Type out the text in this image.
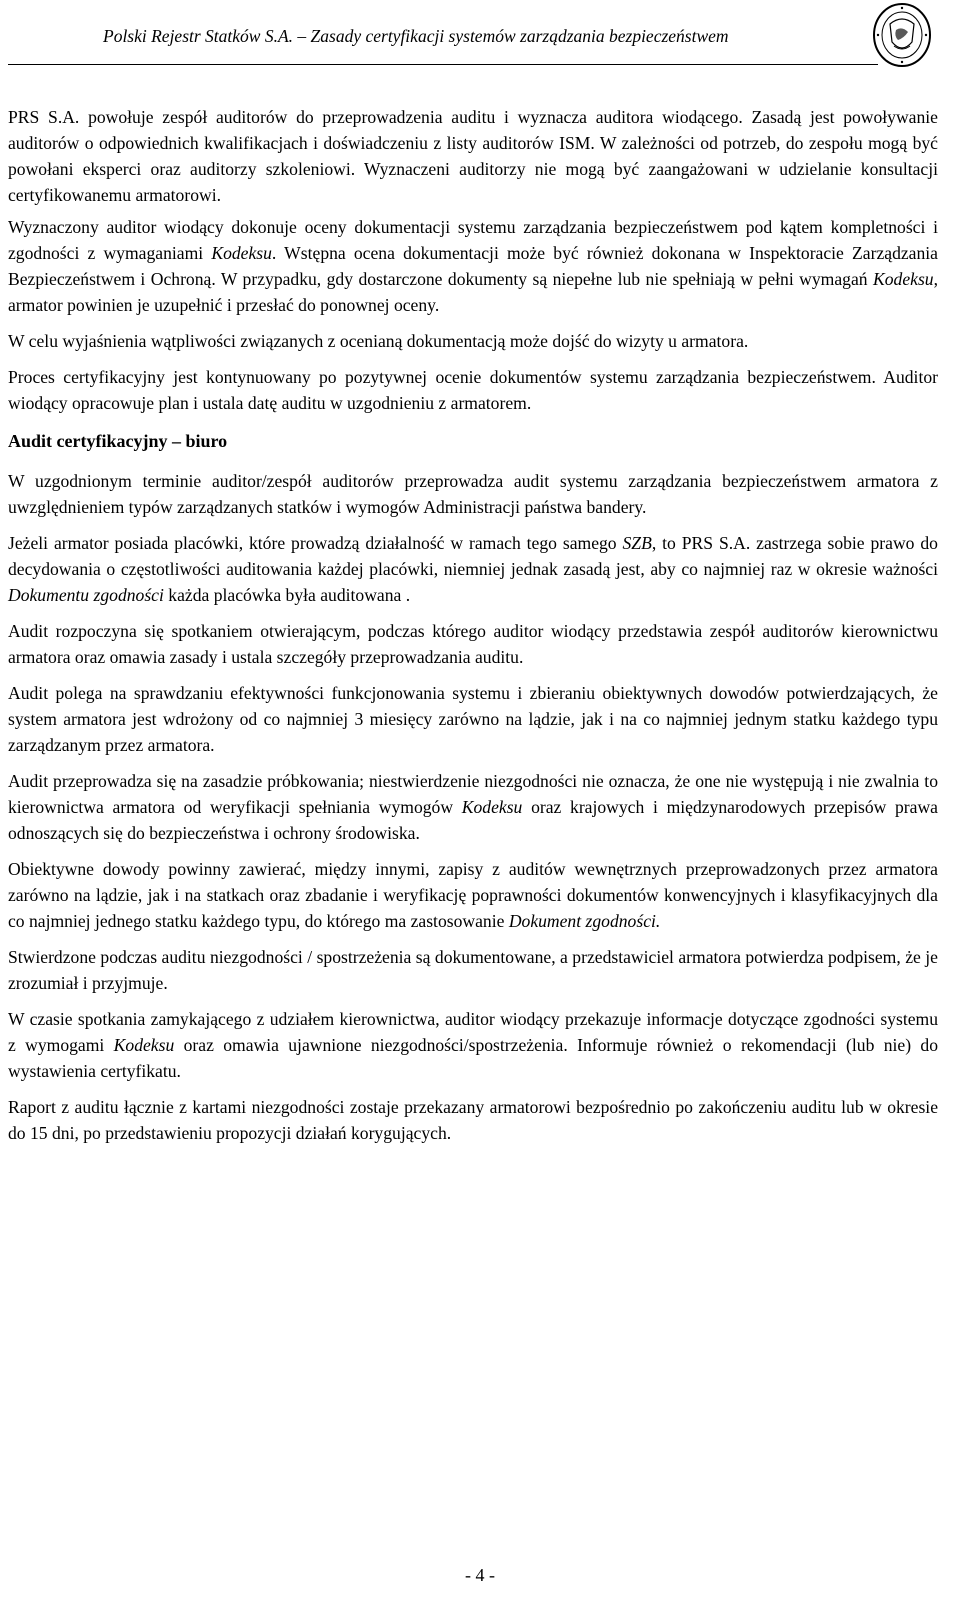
Polski Rejestr Statków S.A. – Zasady certyfikacji systemów zarządzania bezpieczeństwem

PRS S.A. powołuje zespół auditorów do przeprowadzenia auditu i wyznacza auditora wiodącego. Zasadą jest powoływanie auditorów o odpowiednich kwalifikacjach i doświadczeniu z listy auditorów ISM. W zależności od potrzeb, do zespołu mogą być powołani eksperci oraz auditorzy szkoleniowi. Wyznaczeni auditorzy nie mogą być zaangażowani w udzielanie konsultacji certyfikowanemu armatorowi.

Wyznaczony auditor wiodący dokonuje oceny dokumentacji systemu zarządzania bezpieczeństwem pod kątem kompletności i zgodności z wymaganiami Kodeksu. Wstępna ocena dokumentacji może być również dokonana w Inspektoracie Zarządzania Bezpieczeństwem i Ochroną. W przypadku, gdy dostarczone dokumenty są niepełne lub nie spełniają w pełni wymagań Kodeksu, armator powinien je uzupełnić i przesłać do ponownej oceny.

W celu wyjaśnienia wątpliwości związanych z ocenianą dokumentacją może dojść do wizyty u armatora.

Proces certyfikacyjny jest kontynuowany po pozytywnej ocenie dokumentów systemu zarządzania bezpieczeństwem. Auditor wiodący opracowuje plan i ustala datę auditu w uzgodnieniu z armatorem.

Audit certyfikacyjny – biuro

W uzgodnionym terminie auditor/zespół auditorów przeprowadza audit systemu zarządzania bezpieczeństwem armatora z uwzględnieniem typów zarządzanych statków i wymogów Administracji państwa bandery.

Jeżeli armator posiada placówki, które prowadzą działalność w ramach tego samego SZB, to PRS S.A. zastrzega sobie prawo do decydowania o częstotliwości auditowania każdej placówki, niemniej jednak zasadą jest, aby co najmniej raz w okresie ważności Dokumentu zgodności każda placówka była auditowana .

Audit rozpoczyna się spotkaniem otwierającym, podczas którego auditor wiodący przedstawia zespół auditorów kierownictwu armatora oraz omawia zasady i ustala szczegóły przeprowadzania auditu.

Audit polega na sprawdzaniu efektywności funkcjonowania systemu i zbieraniu obiektywnych dowodów potwierdzających, że system armatora jest wdrożony od co najmniej 3 miesięcy zarówno na lądzie, jak i na co najmniej jednym statku każdego typu zarządzanym przez armatora.

Audit przeprowadza się na zasadzie próbkowania; niestwierdzenie niezgodności nie oznacza, że one nie występują i nie zwalnia to kierownictwa armatora od weryfikacji spełniania wymogów Kodeksu oraz krajowych i międzynarodowych przepisów prawa odnoszących się do bezpieczeństwa i ochrony środowiska.

Obiektywne dowody powinny zawierać, między innymi, zapisy z auditów wewnętrznych przeprowadzonych przez armatora zarówno na lądzie, jak i na statkach oraz zbadanie i weryfikację poprawności dokumentów konwencyjnych i klasyfikacyjnych dla co najmniej jednego statku każdego typu, do którego ma zastosowanie Dokument zgodności.

Stwierdzone podczas auditu niezgodności / spostrzeżenia są dokumentowane, a przedstawiciel armatora potwierdza podpisem, że je zrozumiał i przyjmuje.

W czasie spotkania zamykającego z udziałem kierownictwa, auditor wiodący przekazuje informacje dotyczące zgodności systemu z wymogami Kodeksu oraz omawia ujawnione niezgodności/spostrzeżenia. Informuje również o rekomendacji (lub nie) do wystawienia certyfikatu.

Raport z auditu łącznie z kartami niezgodności zostaje przekazany armatorowi bezpośrednio po zakończeniu auditu lub w okresie do 15 dni, po przedstawieniu propozycji działań korygujących.

- 4 -
